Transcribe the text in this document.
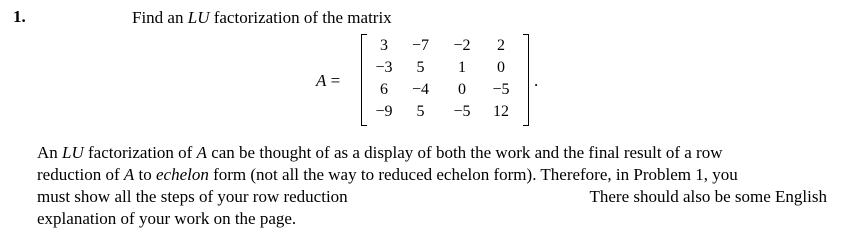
1.	Find an LU factorization of the matrix
A =
3	−7	−2	2
−3	5	1	0
6	−4	0	−5
−9	5	−5	12
.
An LU factorization of A can be thought of as a display of both the work and the final result of a row
reduction of A to echelon form (not all the way to reduced echelon form). Therefore, in Problem 1, you
must show all the steps of your row reduction	There should also be some English
explanation of your work on the page.
